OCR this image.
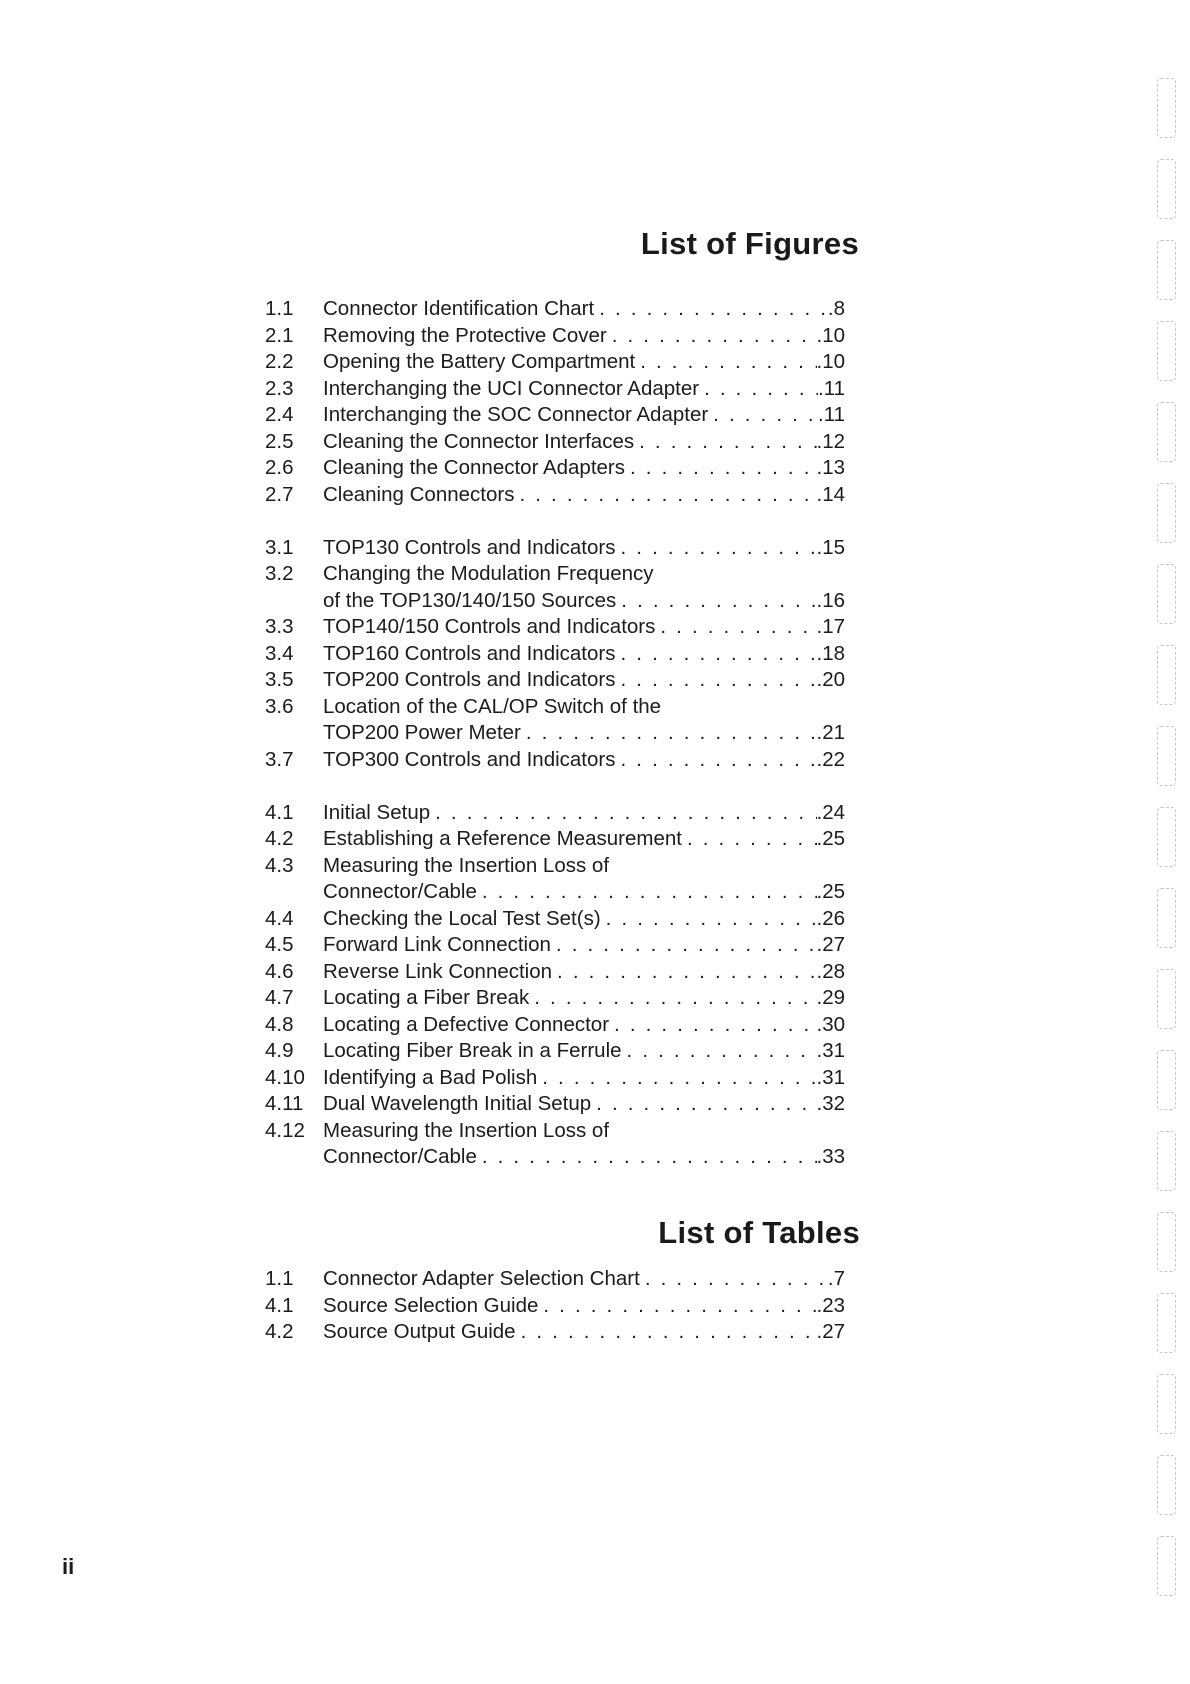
List of Figures
1.1 Connector Identification Chart . . .	.8
2.1 Removing the Protective Cover . . .	.10
2.2 Opening the Battery Compartment . . .	.10
2.3 Interchanging the UCI Connector Adapter . . .	.11
2.4 Interchanging the SOC Connector Adapter . . .	.11
2.5 Cleaning the Connector Interfaces . . .	.12
2.6 Cleaning the Connector Adapters . . .	.13
2.7 Cleaning Connectors . . .	.14
3.1 TOP130 Controls and Indicators . . .	.15
3.2 Changing the Modulation Frequency
of the TOP130/140/150 Sources . . .	.16
3.3 TOP140/150 Controls and Indicators . . .	.17
3.4 TOP160 Controls and Indicators . . .	.18
3.5 TOP200 Controls and Indicators . . .	.20
3.6 Location of the CAL/OP Switch of the
TOP200 Power Meter . . .	.21
3.7 TOP300 Controls and Indicators . . .	.22
4.1 Initial Setup . . .	.24
4.2 Establishing a Reference Measurement . . .	.25
4.3 Measuring the Insertion Loss of
Connector/Cable . . .	.25
4.4 Checking the Local Test Set(s) . . .	.26
4.5 Forward Link Connection . . .	.27
4.6 Reverse Link Connection . . .	.28
4.7 Locating a Fiber Break . . .	.29
4.8 Locating a Defective Connector . . .	.30
4.9 Locating Fiber Break in a Ferrule . . .	.31
4.10 Identifying a Bad Polish . . .	.31
4.11 Dual Wavelength Initial Setup . . .	.32
4.12 Measuring the Insertion Loss of
Connector/Cable . . .	.33
List of Tables
1.1 Connector Adapter Selection Chart . . .	.7
4.1 Source Selection Guide . . .	.23
4.2 Source Output Guide . . .	.27
ii
